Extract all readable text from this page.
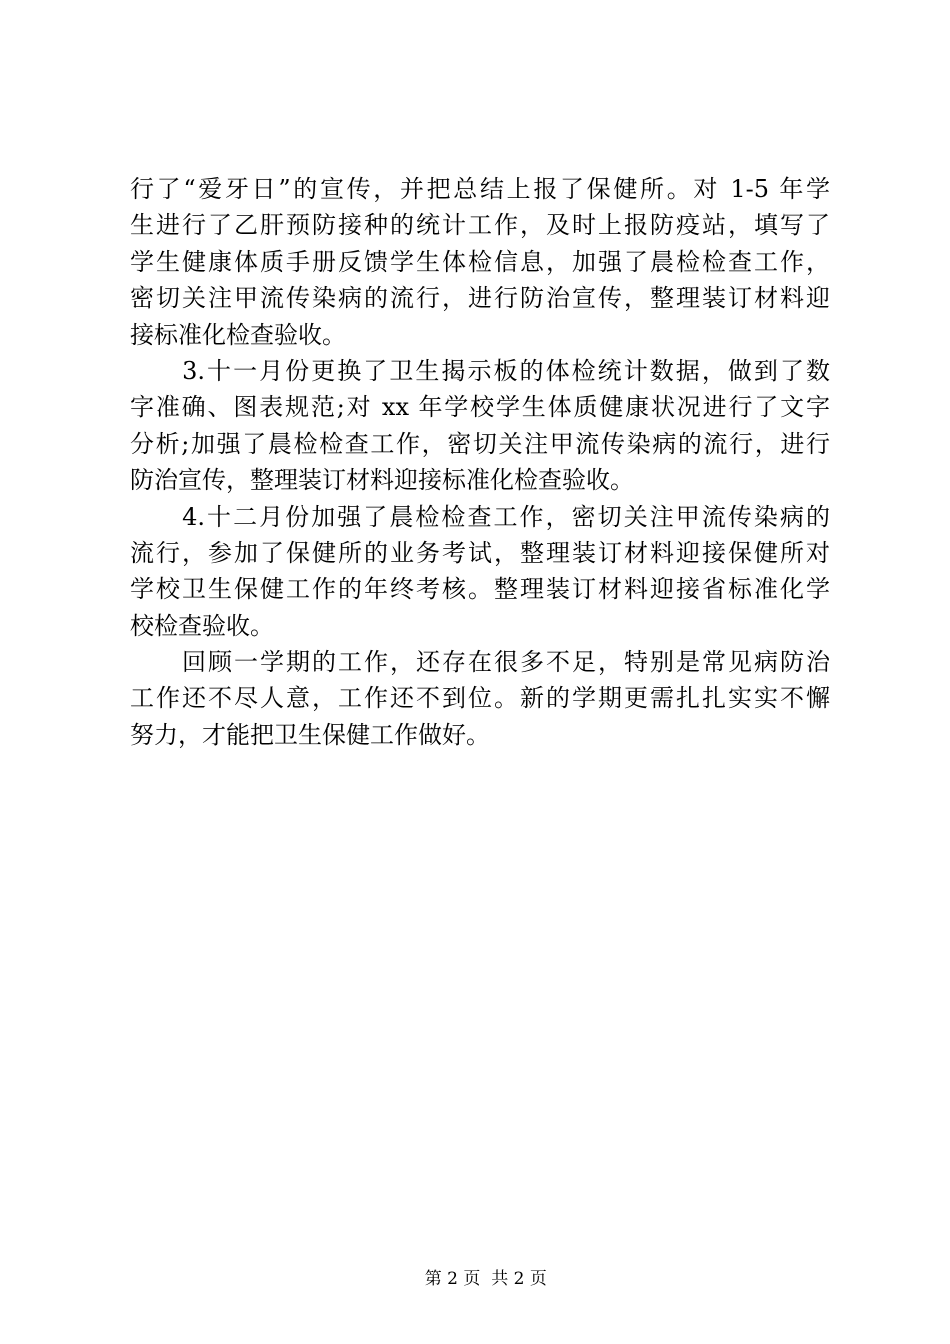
行了“爱牙日”的宣传，并把总结上报了保健所。对 1-5 年学
生进行了乙肝预防接种的统计工作，及时上报防疫站，填写了
学生健康体质手册反馈学生体检信息，加强了晨检检查工作，
密切关注甲流传染病的流行，进行防治宣传，整理装订材料迎
接标准化检查验收。
　　3.十一月份更换了卫生揭示板的体检统计数据，做到了数
字准确、图表规范;对 xx 年学校学生体质健康状况进行了文字
分析;加强了晨检检查工作，密切关注甲流传染病的流行，进行
防治宣传，整理装订材料迎接标准化检查验收。
　　4.十二月份加强了晨检检查工作，密切关注甲流传染病的
流行，参加了保健所的业务考试，整理装订材料迎接保健所对
学校卫生保健工作的年终考核。整理装订材料迎接省标准化学
校检查验收。
　　回顾一学期的工作，还存在很多不足，特别是常见病防治
工作还不尽人意，工作还不到位。新的学期更需扎扎实实不懈
努力，才能把卫生保健工作做好。

第 2 页  共 2 页
